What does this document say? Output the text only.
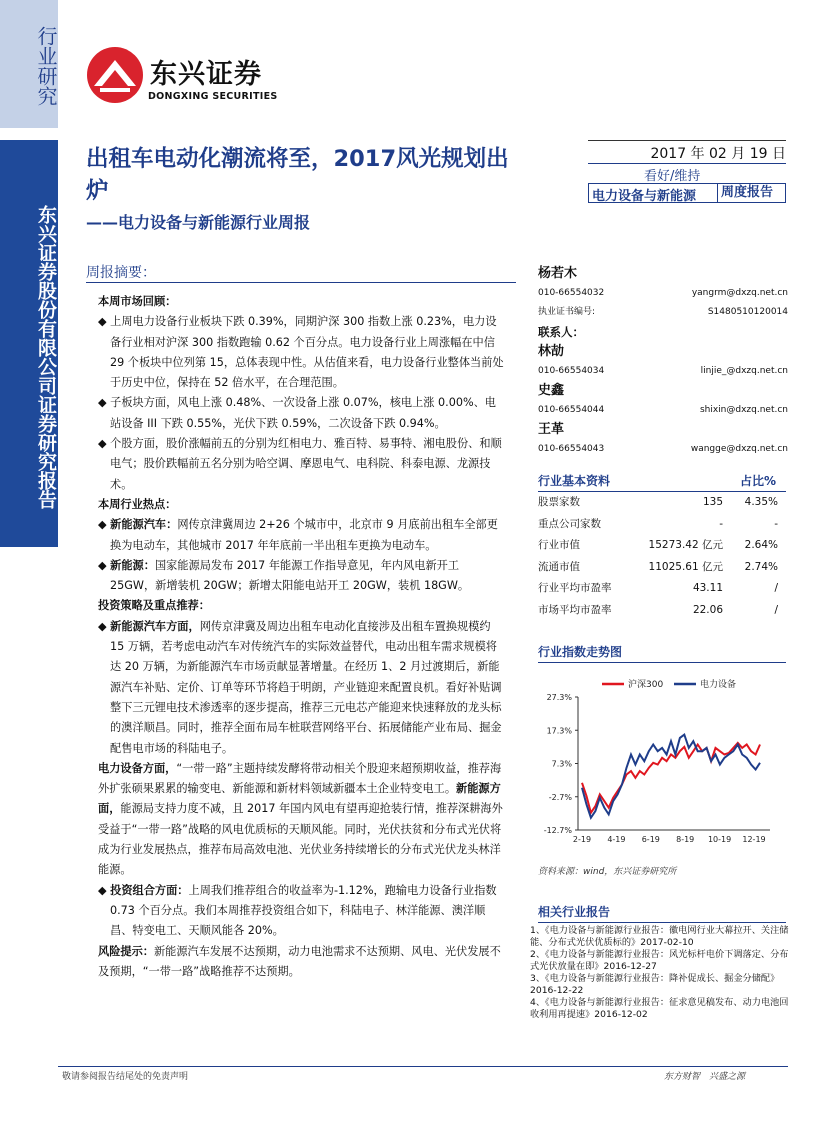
行业研究
东兴证券股份有限公司证券研究报告
东兴证券
DONGXING SECURITIES
出租车电动化潮流将至，2017风光规划出炉
——电力设备与新能源行业周报
2017 年 02 月 19 日
看好/维持
电力设备与新能源	周度报告
周报摘要：

本周市场回顾：

◆ 上周电力设备行业板块下跌 0.39%，同期沪深 300 指数上涨 0.23%，电力设备行业相对沪深 300 指数跑输 0.62 个百分点。电力设备行业上周涨幅在中信 29 个板块中位列第 15，总体表现中性。从估值来看，电力设备行业整体当前处于历史中位，保持在 52 倍水平，在合理范围。

◆ 子板块方面，风电上涨 0.48%、一次设备上涨 0.07%，核电上涨 0.00%、电站设备 III 下跌 0.55%，光伏下跌 0.59%，二次设备下跌 0.94%。

◆ 个股方面，股价涨幅前五的分别为红相电力、雅百特、易事特、湘电股份、和顺电气；股价跌幅前五名分别为哈空调、摩恩电气、电科院、科泰电源、龙源技术。

本周行业热点：

◆ 新能源汽车：网传京津冀周边 2+26 个城市中，北京市 9 月底前出租车全部更换为电动车，其他城市 2017 年年底前一半出租车更换为电动车。

◆ 新能源：国家能源局发布 2017 年能源工作指导意见，年内风电新开工 25GW，新增装机 20GW；新增太阳能电站开工 20GW，装机 18GW。

投资策略及重点推荐：

◆ 新能源汽车方面，网传京津冀及周边出租车电动化直接涉及出租车置换规模约 15 万辆，若考虑电动汽车对传统汽车的实际效益替代，电动出租车需求规模将达 20 万辆，为新能源汽车市场贡献显著增量。在经历 1、2 月过渡期后，新能源汽车补贴、定价、订单等环节将趋于明朗，产业链迎来配置良机。看好补贴调整下三元锂电技术渗透率的逐步提高，推荐三元电芯产能迎来快速释放的龙头标的澳洋顺昌。同时，推荐全面布局车桩联营网络平台、拓展储能产业布局、掘金配售电市场的科陆电子。

电力设备方面，“一带一路”主题持续发酵将带动相关个股迎来超预期收益，推荐海外扩张硕果累累的输变电、新能源和新材料领域新疆本土企业特变电工。新能源方面，能源局支持力度不减，且 2017 年国内风电有望再迎抢装行情，推荐深耕海外受益于“一带一路”战略的风电优质标的天顺风能。同时，光伏扶贫和分布式光伏将成为行业发展热点，推荐布局高效电池、光伏业务持续增长的分布式光伏龙头林洋能源。

◆ 投资组合方面：上周我们推荐组合的收益率为-1.12%，跑输电力设备行业指数 0.73 个百分点。我们本周推荐投资组合如下，科陆电子、林洋能源、澳洋顺昌、特变电工、天顺风能各 20%。

风险提示：新能源汽车发展不达预期，动力电池需求不达预期、风电、光伏发展不及预期，“一带一路”战略推荐不达预期。

杨若木
010-66554032	yangrm@dxzq.net.cn
执业证书编号:	S1480510120014
联系人：
林劼
010-66554034	linjie_@dxzq.net.cn
史鑫
010-66554044	shixin@dxzq.net.cn
王革
010-66554043	wangge@dxzq.net.cn
行业基本资料	占比%
股票家数	135	4.35%
重点公司家数	-	-
行业市值	15273.42 亿元	2.64%
流通市值	11025.61 亿元	2.74%
行业平均市盈率	43.11	/
市场平均市盈率	22.06	/
行业指数走势图
27.3%
17.3%
7.3%
-2.7%
-12.7%
2-19 4-19 6-19 8-19 10-19 12-19
沪深300	电力设备
资料来源：wind，东兴证券研究所
相关行业报告

1、《电力设备与新能源行业报告：徽电网行业大幕拉开、关注储能、分布式光伏优质标的》2017-02-10

2、《电力设备与新能源行业报告：风光标杆电价下调落定、分布式光伏放量在即》2016-12-27

3、《电力设备与新能源行业报告：降补促成长、掘金分储配》2016-12-22

4、《电力设备与新能源行业报告：征求意见稿发布、动力电池回收利用再提速》2016-12-02

敬请参阅报告结尾处的免责声明	东方财智　兴盛之源
